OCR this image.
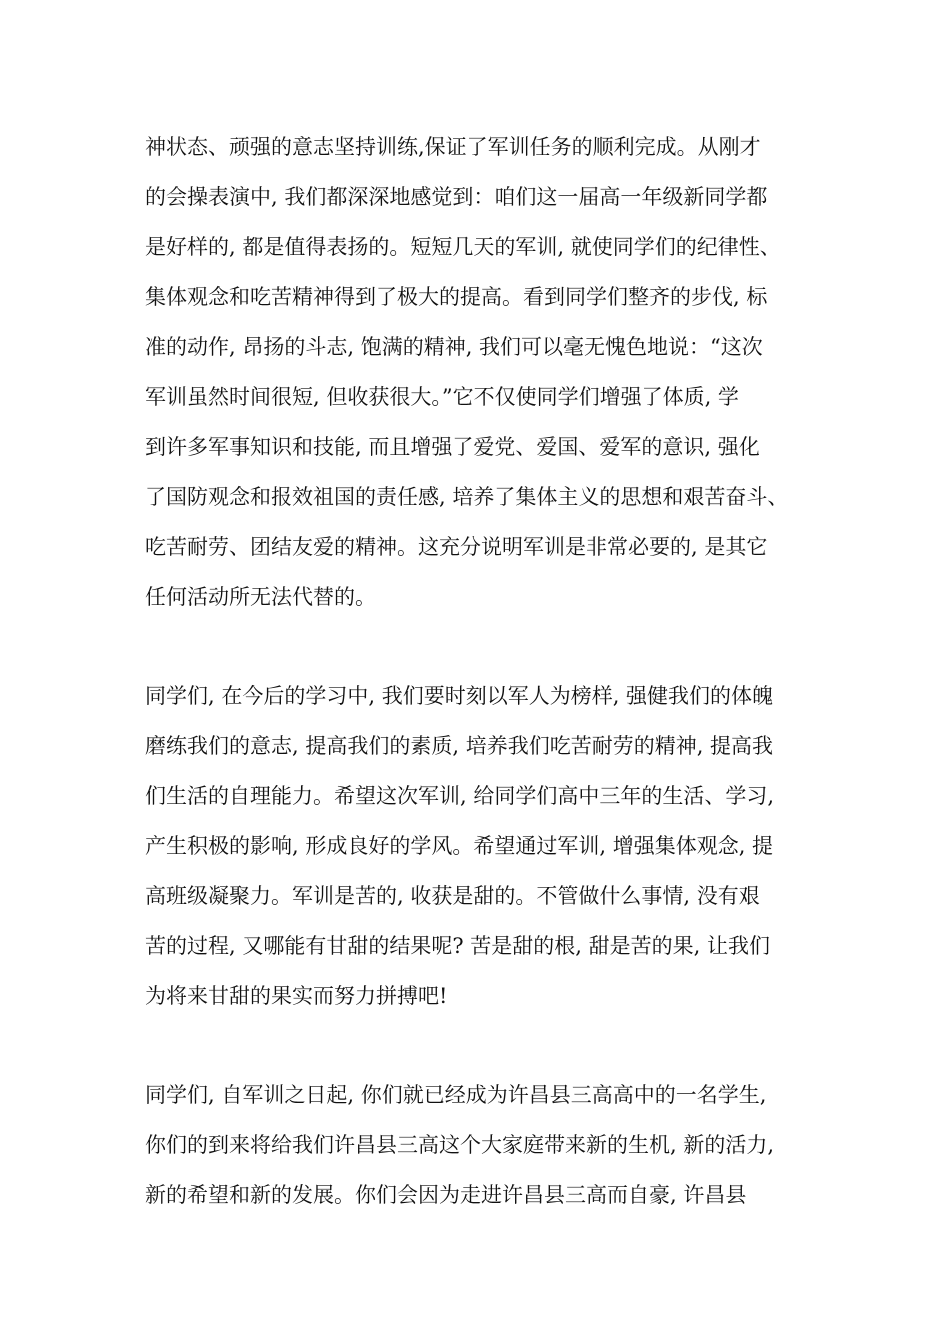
神状态、顽强的意志坚持训练,保证了军训任务的顺利完成。从刚才
的会操表演中, 我们都深深地感觉到：咱们这一届高一年级新同学都
是好样的, 都是值得表扬的。短短几天的军训, 就使同学们的纪律性、
集体观念和吃苦精神得到了极大的提高。看到同学们整齐的步伐, 标
准的动作, 昂扬的斗志, 饱满的精神, 我们可以毫无愧色地说：“这次
军训虽然时间很短, 但收获很大。”它不仅使同学们增强了体质, 学
到许多军事知识和技能, 而且增强了爱党、爱国、爱军的意识, 强化
了国防观念和报效祖国的责任感, 培养了集体主义的思想和艰苦奋斗、
吃苦耐劳、团结友爱的精神。这充分说明军训是非常必要的, 是其它
任何活动所无法代替的。
同学们, 在今后的学习中, 我们要时刻以军人为榜样, 强健我们的体魄
磨练我们的意志, 提高我们的素质, 培养我们吃苦耐劳的精神, 提高我
们生活的自理能力。希望这次军训, 给同学们高中三年的生活、学习,
产生积极的影响, 形成良好的学风。希望通过军训, 增强集体观念, 提
高班级凝聚力。军训是苦的, 收获是甜的。不管做什么事情, 没有艰
苦的过程, 又哪能有甘甜的结果呢? 苦是甜的根, 甜是苦的果, 让我们
为将来甘甜的果实而努力拼搏吧!
同学们, 自军训之日起, 你们就已经成为许昌县三高高中的一名学生,
你们的到来将给我们许昌县三高这个大家庭带来新的生机, 新的活力,
新的希望和新的发展。你们会因为走进许昌县三高而自豪, 许昌县
